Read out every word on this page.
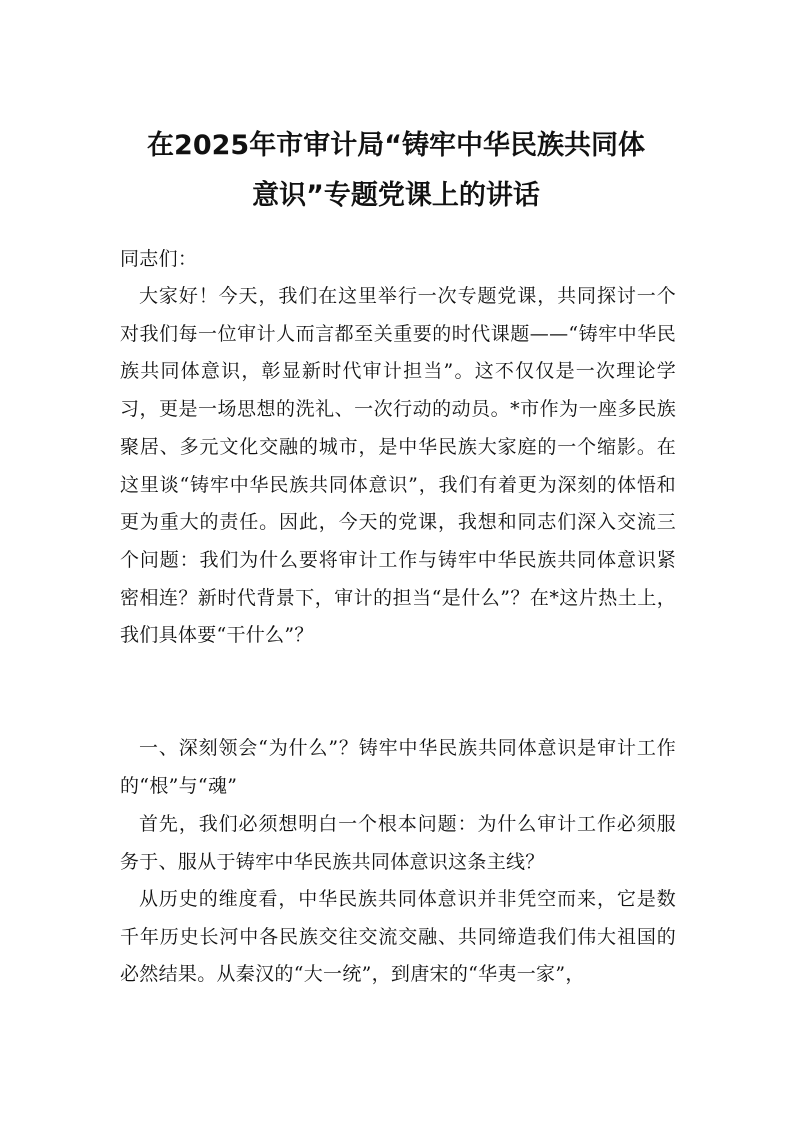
在2025年市审计局“铸牢中华民族共同体
意识”专题党课上的讲话

同志们：

大家好！今天，我们在这里举行一次专题党课，共同探讨一个对我们每一位审计人而言都至关重要的时代课题——“铸牢中华民族共同体意识，彰显新时代审计担当”。这不仅仅是一次理论学习，更是一场思想的洗礼、一次行动的动员。*市作为一座多民族聚居、多元文化交融的城市，是中华民族大家庭的一个缩影。在这里谈“铸牢中华民族共同体意识”，我们有着更为深刻的体悟和更为重大的责任。因此，今天的党课，我想和同志们深入交流三个问题：我们为什么要将审计工作与铸牢中华民族共同体意识紧密相连？新时代背景下，审计的担当“是什么”？在*这片热土上，我们具体要“干什么”？

一、深刻领会“为什么”？铸牢中华民族共同体意识是审计工作的“根”与“魂”

首先，我们必须想明白一个根本问题：为什么审计工作必须服务于、服从于铸牢中华民族共同体意识这条主线？

从历史的维度看，中华民族共同体意识并非凭空而来，它是数千年历史长河中各民族交往交流交融、共同缔造我们伟大祖国的必然结果。从秦汉的“大一统”，到唐宋的“华夷一家”，
